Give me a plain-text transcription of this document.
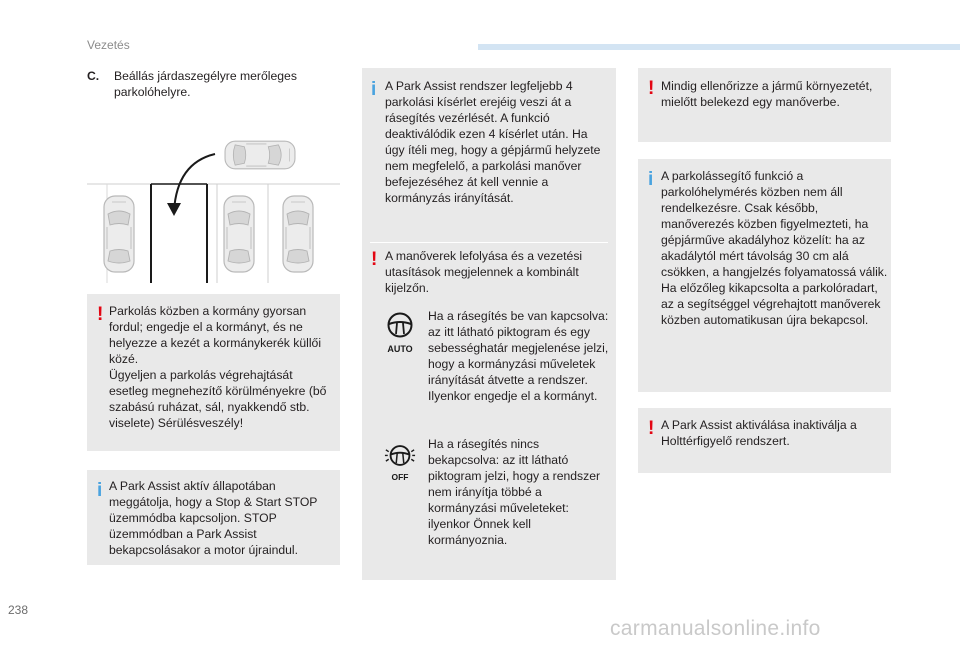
Vezetés
C. Beállás járdaszegélyre merőleges parkolóhelyre.
! Parkolás közben a kormány gyorsan fordul; engedje el a kormányt, és ne helyezze a kezét a kormánykerék küllői közé.
Ügyeljen a parkolás végrehajtását esetleg megnehezítő körülményekre (bő szabású ruházat, sál, nyakkendő stb. viselete) Sérülésveszély!

i A Park Assist aktív állapotában meggátolja, hogy a Stop & Start STOP üzemmódba kapcsoljon. STOP üzemmódban a Park Assist bekapcsolásakor a motor újraindul.

i A Park Assist rendszer legfeljebb 4 parkolási kísérlet erejéig veszi át a rásegítés vezérlését. A funkció deaktiválódik ezen 4 kísérlet után. Ha úgy ítéli meg, hogy a gépjármű helyzete nem megfelelő, a parkolási manőver befejezéséhez át kell vennie a kormányzás irányítását.

! A manőverek lefolyása és a vezetési utasítások megjelennek a kombinált kijelzőn.

AUTO

Ha a rásegítés be van kapcsolva: az itt látható piktogram és egy sebességhatár megjelenése jelzi, hogy a kormányzási műveletek irányítását átvette a rendszer. Ilyenkor engedje el a kormányt.

OFF

Ha a rásegítés nincs bekapcsolva: az itt látható piktogram jelzi, hogy a rendszer nem irányítja többé a kormányzási műveleteket: ilyenkor Önnek kell kormányoznia.

! Mindig ellenőrizze a jármű környezetét, mielőtt belekezd egy manőverbe.

i A parkolássegítő funkció a parkolóhelymérés közben nem áll rendelkezésre. Csak később, manőverezés közben figyelmezteti, ha gépjárműve akadályhoz közelít: ha az akadálytól mért távolság 30 cm alá csökken, a hangjelzés folyamatossá válik. Ha előzőleg kikapcsolta a parkolóradart, az a segítséggel végrehajtott manőverek közben automatikusan újra bekapcsol.

! A Park Assist aktiválása inaktiválja a Holttérfigyelő rendszert.

238
carmanualsonline.info
